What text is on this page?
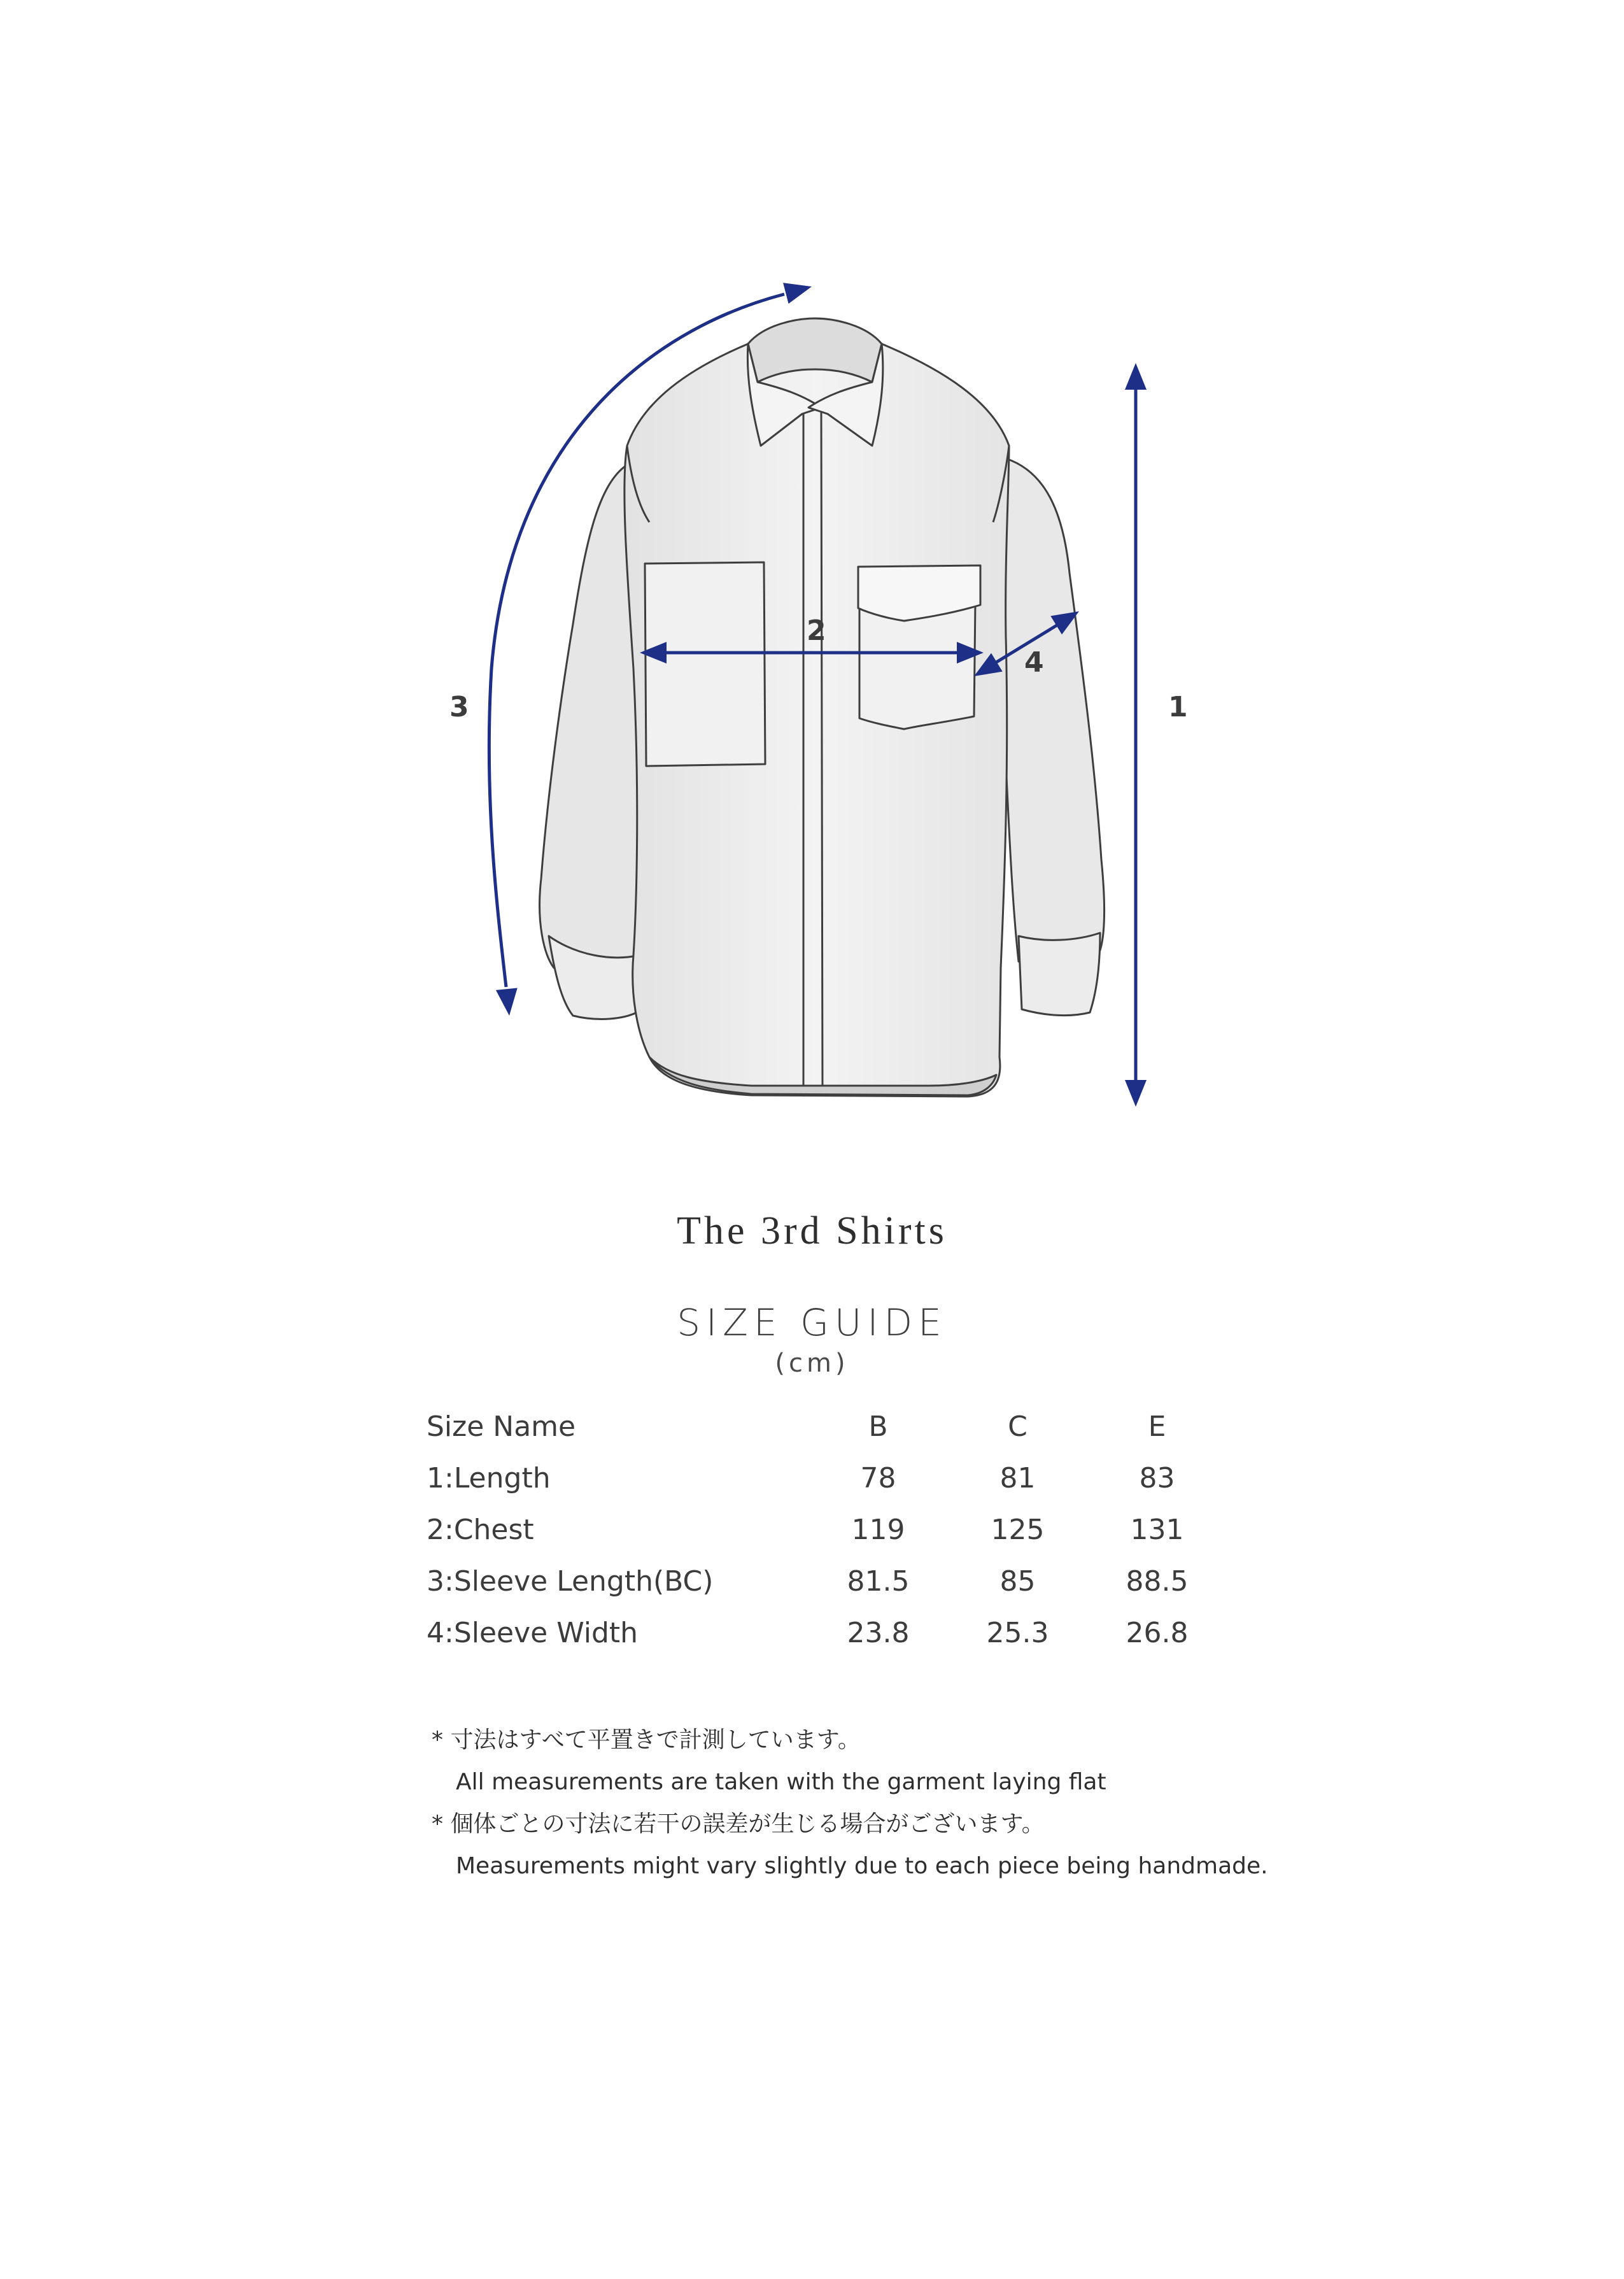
1
2
3
4
The 3rd Shirts
SIZE GUIDE
(cm)
Size Name	B	C	E
1:Length	78	81	83
2:Chest	119	125	131
3:Sleeve Length(BC)	81.5	85	88.5
4:Sleeve Width	23.8	25.3	26.8
* 寸法はすべて平置きで計測しています。
All measurements are taken with the garment laying flat
* 個体ごとの寸法に若干の誤差が生じる場合がございます。
Measurements might vary slightly due to each piece being handmade.
